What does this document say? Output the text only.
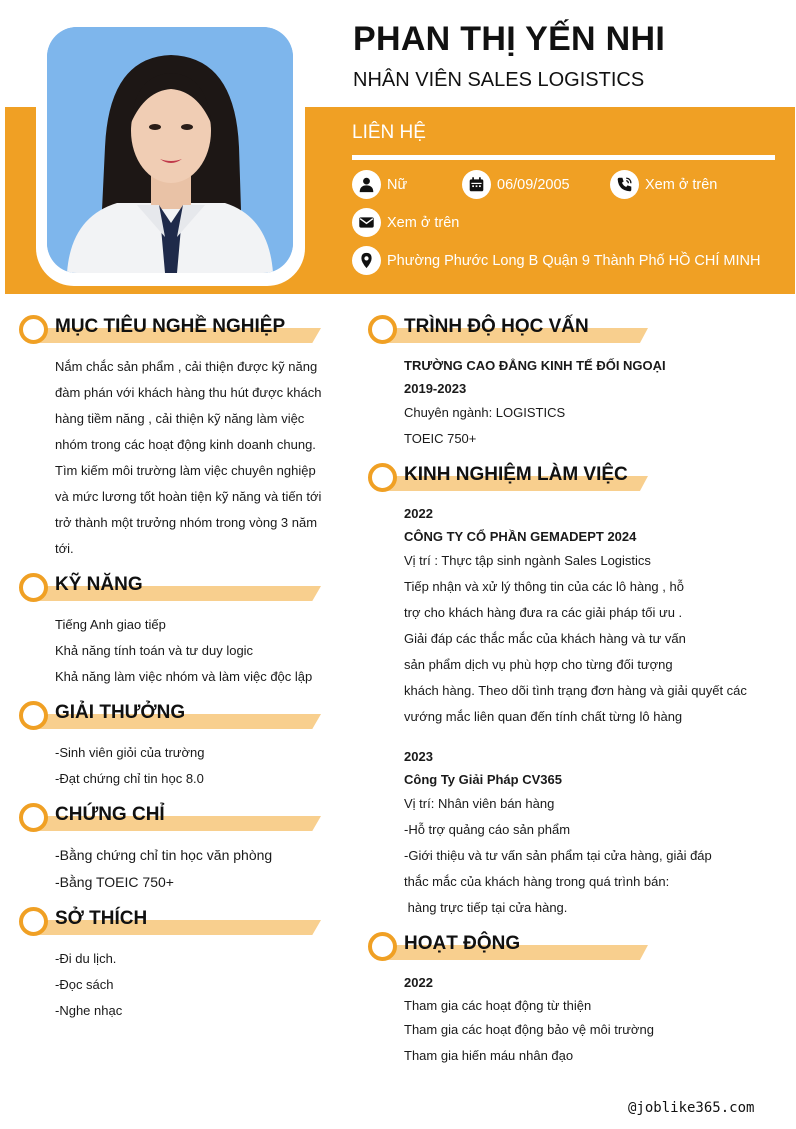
PHAN THỊ YẾN NHI
NHÂN VIÊN SALES LOGISTICS
LIÊN HỆ
Nữ	06/09/2005	Xem ở trên
Xem ở trên
Phường Phước Long B Quận 9 Thành Phố HỒ CHÍ MINH
MỤC TIÊU NGHỀ NGHIỆP
Nắm chắc sản phẩm , cải thiện được kỹ năng
đàm phán với khách hàng thu hút được khách
hàng tiềm năng , cải thiện kỹ năng làm việc
nhóm trong các hoạt động kinh doanh chung.
Tìm kiếm môi trường làm việc chuyên nghiệp
và mức lương tốt hoàn tiện kỹ năng và tiến tới
trở thành một trưởng nhóm trong vòng 3 năm
tới.
KỸ NĂNG
Tiếng Anh giao tiếp
Khả năng tính toán và tư duy logic
Khả năng làm việc nhóm và làm việc độc lập
GIẢI THƯỞNG
-Sinh viên giỏi của trường
-Đạt chứng chỉ tin học 8.0
CHỨNG CHỈ
-Bằng chứng chỉ tin học văn phòng
-Bằng TOEIC 750+
SỞ THÍCH
-Đi du lịch.
-Đọc sách
-Nghe nhạc
TRÌNH ĐỘ HỌC VẤN
TRƯỜNG CAO ĐẲNG KINH TẾ ĐỐI NGOẠI
2019-2023
Chuyên ngành: LOGISTICS
TOEIC 750+
KINH NGHIỆM LÀM VIỆC
2022
CÔNG TY CỔ PHẦN GEMADEPT 2024
Vị trí : Thực tập sinh ngành Sales Logistics
Tiếp nhận và xử lý thông tin của các lô hàng , hỗ
trợ cho khách hàng đưa ra các giải pháp tối ưu .
Giải đáp các thắc mắc của khách hàng và tư vấn
sản phẩm dịch vụ phù hợp cho từng đối tượng
khách hàng. Theo dõi tình trạng đơn hàng và giải quyết các
vướng mắc liên quan đến tính chất từng lô hàng
2023
Công Ty Giải Pháp CV365
Vị trí: Nhân viên bán hàng
-Hỗ trợ quảng cáo sản phẩm
-Giới thiệu và tư vấn sản phẩm tại cửa hàng, giải đáp
thắc mắc của khách hàng trong quá trình bán:
hàng trực tiếp tại cửa hàng.
HOẠT ĐỘNG
2022
Tham gia các hoạt động từ thiện
Tham gia các hoạt động bảo vệ môi trường
Tham gia hiến máu nhân đạo
@joblike365.com
